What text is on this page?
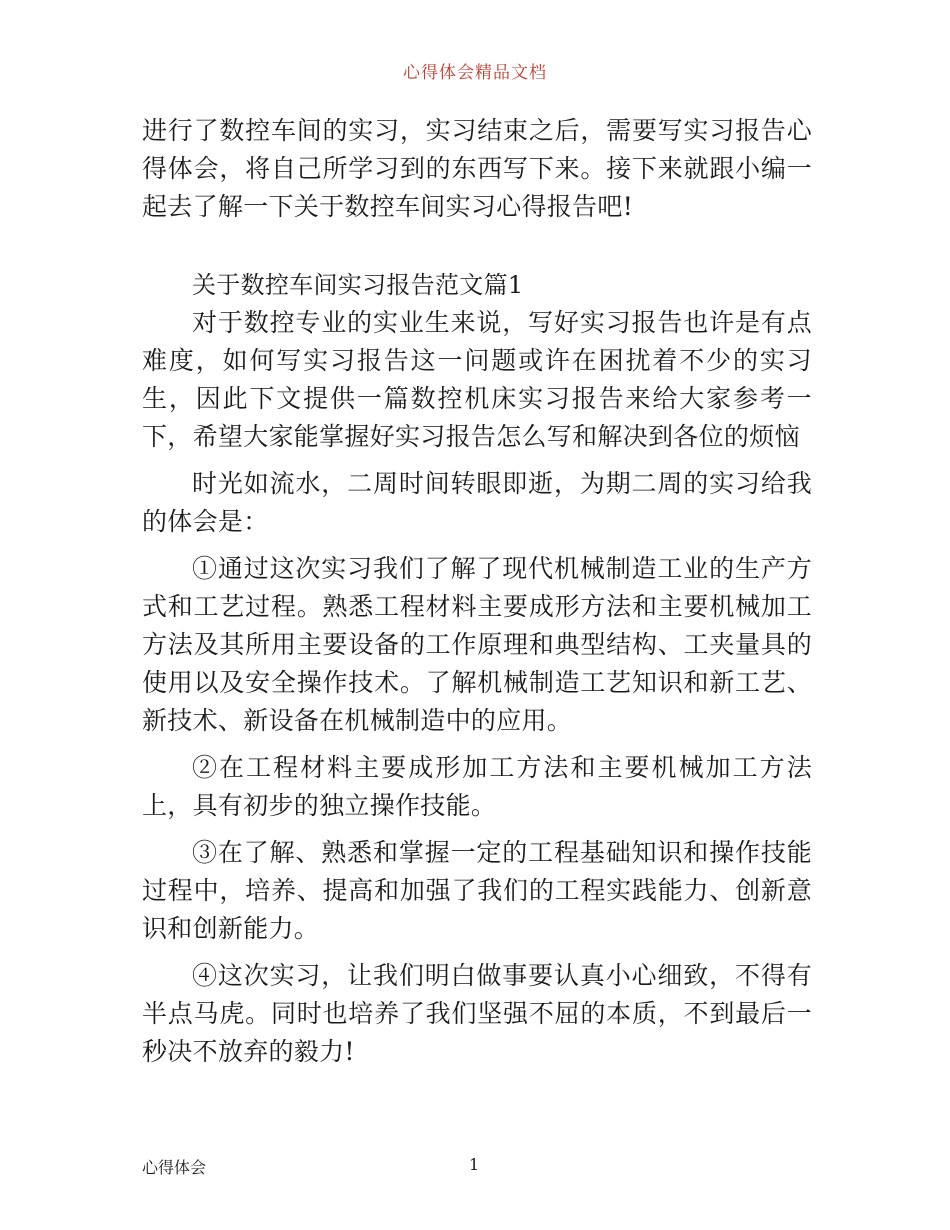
心得体会精品文档

进行了数控车间的实习，实习结束之后，需要写实习报告心得体会，将自己所学习到的东西写下来。接下来就跟小编一起去了解一下关于数控车间实习心得报告吧!

关于数控车间实习报告范文篇1

对于数控专业的实业生来说，写好实习报告也许是有点难度，如何写实习报告这一问题或许在困扰着不少的实习生，因此下文提供一篇数控机床实习报告来给大家参考一下，希望大家能掌握好实习报告怎么写和解决到各位的烦恼

时光如流水，二周时间转眼即逝，为期二周的实习给我的体会是：

①通过这次实习我们了解了现代机械制造工业的生产方式和工艺过程。熟悉工程材料主要成形方法和主要机械加工方法及其所用主要设备的工作原理和典型结构、工夹量具的使用以及安全操作技术。了解机械制造工艺知识和新工艺、新技术、新设备在机械制造中的应用。

②在工程材料主要成形加工方法和主要机械加工方法上，具有初步的独立操作技能。

③在了解、熟悉和掌握一定的工程基础知识和操作技能过程中，培养、提高和加强了我们的工程实践能力、创新意识和创新能力。

④这次实习，让我们明白做事要认真小心细致，不得有半点马虎。同时也培养了我们坚强不屈的本质，不到最后一秒决不放弃的毅力!

心得体会	1
